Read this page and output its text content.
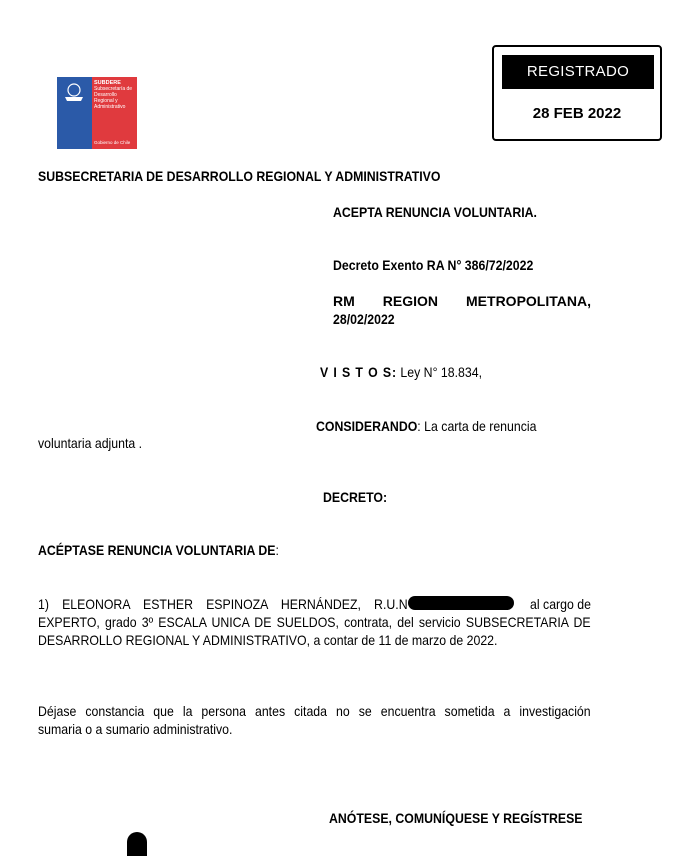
SUBDERE
Subsecretaría de Desarrollo Regional y Administrativo
Gobierno de Chile
REGISTRADO
28 FEB 2022
SUBSECRETARIA DE DESARROLLO REGIONAL Y ADMINISTRATIVO
ACEPTA RENUNCIA VOLUNTARIA.
Decreto Exento RA N° 386/72/2022
RM REGION METROPOLITANA,
28/02/2022
V I S T O S: Ley N° 18.834,
CONSIDERANDO: La carta de renuncia
voluntaria adjunta .
DECRETO:
ACÉPTASE RENUNCIA VOLUNTARIA DE:
1) ELEONORA ESTHER ESPINOZA HERNÁNDEZ, R.U.N	al cargo de
EXPERTO, grado 3º ESCALA UNICA DE SUELDOS, contrata, del servicio SUBSECRETARIA DE
DESARROLLO REGIONAL Y ADMINISTRATIVO, a contar de 11 de marzo de 2022.
Déjase constancia que la persona antes citada no se encuentra sometida a investigación
sumaria o a sumario administrativo.
ANÓTESE, COMUNÍQUESE Y REGÍSTRESE
